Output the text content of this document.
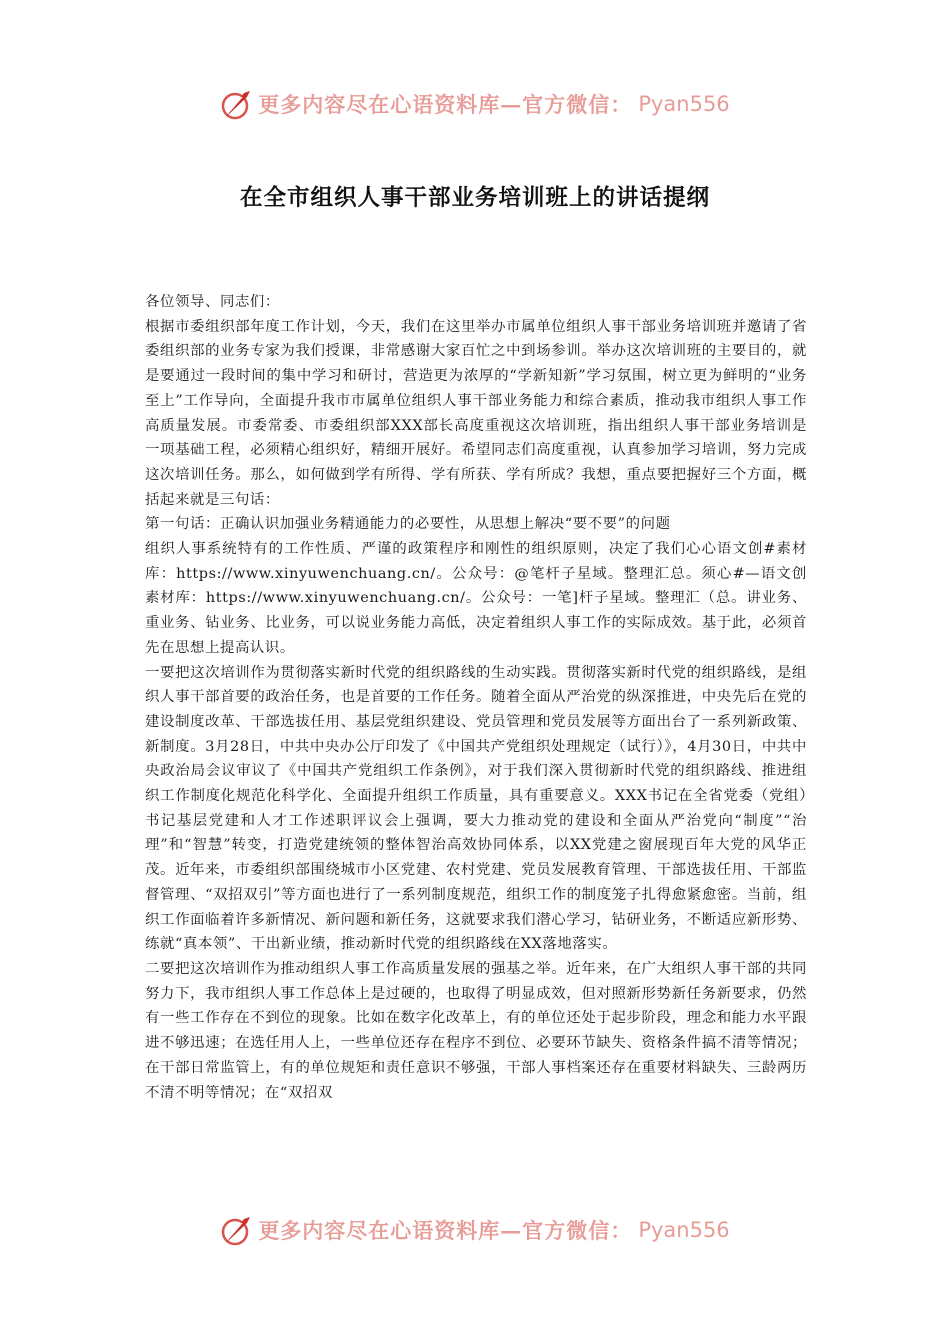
更多内容尽在心语资料库—官方微信： Pyan556
在全市组织人事干部业务培训班上的讲话提纲

各位领导、同志们：

根据市委组织部年度工作计划，今天，我们在这里举办市属单位组织人事干部业务培训班并邀请了省委组织部的业务专家为我们授课，非常感谢大家百忙之中到场参训。举办这次培训班的主要目的，就是要通过一段时间的集中学习和研讨，营造更为浓厚的“学新知新”学习氛围，树立更为鲜明的“业务至上”工作导向，全面提升我市市属单位组织人事干部业务能力和综合素质，推动我市组织人事工作高质量发展。市委常委、市委组织部XXX部长高度重视这次培训班，指出组织人事干部业务培训是一项基础工程，必须精心组织好，精细开展好。希望同志们高度重视，认真参加学习培训，努力完成这次培训任务。那么，如何做到学有所得、学有所获、学有所成？我想，重点要把握好三个方面，概括起来就是三句话：

第一句话：正确认识加强业务精通能力的必要性，从思想上解决“要不要”的问题

组织人事系统特有的工作性质、严谨的政策程序和刚性的组织原则，决定了我们心心语文创#素材库：https://www.xinyuwenchuang.cn/。公众号：@笔杆子星域。整理汇总。须心#—语文创素材库：https://www.xinyuwenchuang.cn/。公众号：一笔]杆子星域。整理汇（总。讲业务、重业务、钻业务、比业务，可以说业务能力高低，决定着组织人事工作的实际成效。基于此，必须首先在思想上提高认识。

一要把这次培训作为贯彻落实新时代党的组织路线的生动实践。贯彻落实新时代党的组织路线，是组织人事干部首要的政治任务，也是首要的工作任务。随着全面从严治党的纵深推进，中央先后在党的建设制度改革、干部选拔任用、基层党组织建设、党员管理和党员发展等方面出台了一系列新政策、新制度。3月28日，中共中央办公厅印发了《中国共产党组织处理规定（试行）》，4月30日，中共中央政治局会议审议了《中国共产党组织工作条例》，对于我们深入贯彻新时代党的组织路线、推进组织工作制度化规范化科学化、全面提升组织工作质量，具有重要意义。XXX书记在全省党委（党组）书记基层党建和人才工作述职评议会上强调，要大力推动党的建设和全面从严治党向“制度”“治理”和“智慧”转变，打造党建统领的整体智治高效协同体系，以XX党建之窗展现百年大党的风华正茂。近年来，市委组织部围绕城市小区党建、农村党建、党员发展教育管理、干部选拔任用、干部监督管理、“双招双引”等方面也进行了一系列制度规范，组织工作的制度笼子扎得愈紧愈密。当前，组织工作面临着许多新情况、新问题和新任务，这就要求我们潜心学习，钻研业务，不断适应新形势、练就“真本领”、干出新业绩，推动新时代党的组织路线在XX落地落实。

二要把这次培训作为推动组织人事工作高质量发展的强基之举。近年来，在广大组织人事干部的共同努力下，我市组织人事工作总体上是过硬的，也取得了明显成效，但对照新形势新任务新要求，仍然有一些工作存在不到位的现象。比如在数字化改革上，有的单位还处于起步阶段，理念和能力水平跟进不够迅速；在选任用人上，一些单位还存在程序不到位、必要环节缺失、资格条件搞不清等情况；在干部日常监管上，有的单位规矩和责任意识不够强，干部人事档案还存在重要材料缺失、三龄两历不清不明等情况；在“双招双

更多内容尽在心语资料库—官方微信： Pyan556
